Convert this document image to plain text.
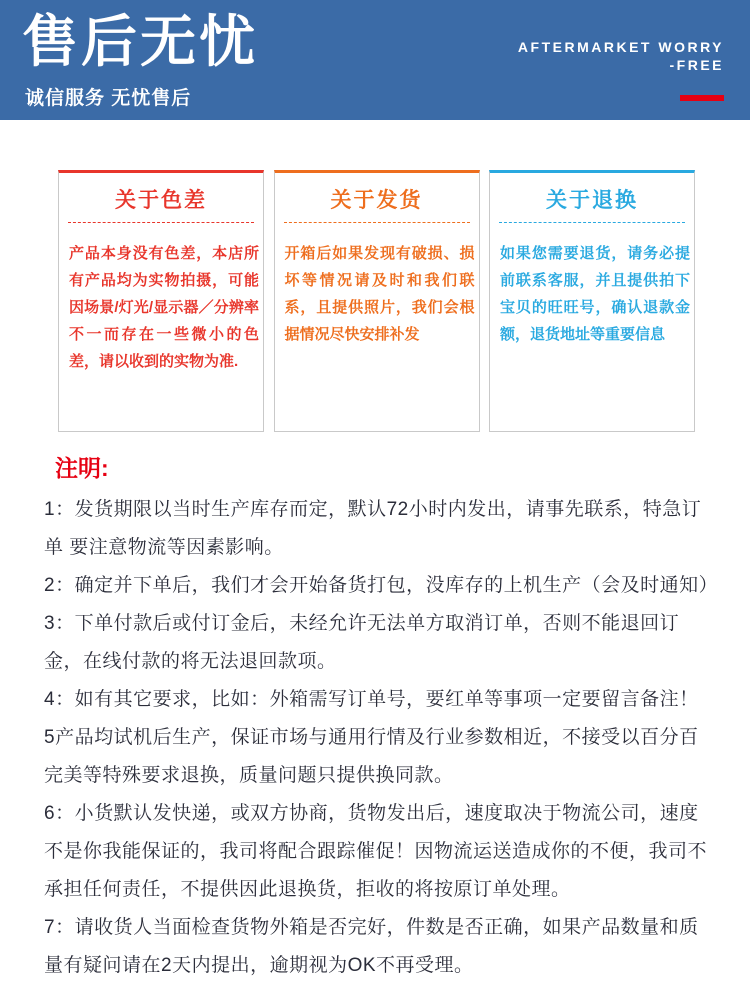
售后无忧
诚信服务 无忧售后
AFTERMARKET WORRY
-FREE
关于色差
产品本身没有色差，本店所有产品均为实物拍摄，可能因场景/灯光/显示器／分辨率不一而存在一些微小的色差，请以收到的实物为准.
关于发货
开箱后如果发现有破损、损坏等情况请及时和我们联系，且提供照片，我们会根据情况尽快安排补发
关于退换
如果您需要退货，请务必提前联系客服，并且提供拍下宝贝的旺旺号，确认退款金额，退货地址等重要信息
注明:

1：发货期限以当时生产库存而定，默认72小时内发出，请事先联系，特急订单 要注意物流等因素影响。

2：确定并下单后，我们才会开始备货打包，没库存的上机生产（会及时通知）

3：下单付款后或付订金后，未经允许无法单方取消订单，否则不能退回订金，在线付款的将无法退回款项。

4：如有其它要求，比如：外箱需写订单号，要红单等事项一定要留言备注！

5产品均试机后生产，保证市场与通用行情及行业参数相近，不接受以百分百完美等特殊要求退换，质量问题只提供换同款。

6：小货默认发快递，或双方协商，货物发出后，速度取决于物流公司，速度不是你我能保证的，我司将配合跟踪催促！因物流运送造成你的不便，我司不承担任何责任，不提供因此退换货，拒收的将按原订单处理。

7：请收货人当面检查货物外箱是否完好，件数是否正确，如果产品数量和质量有疑问请在2天内提出，逾期视为OK不再受理。
